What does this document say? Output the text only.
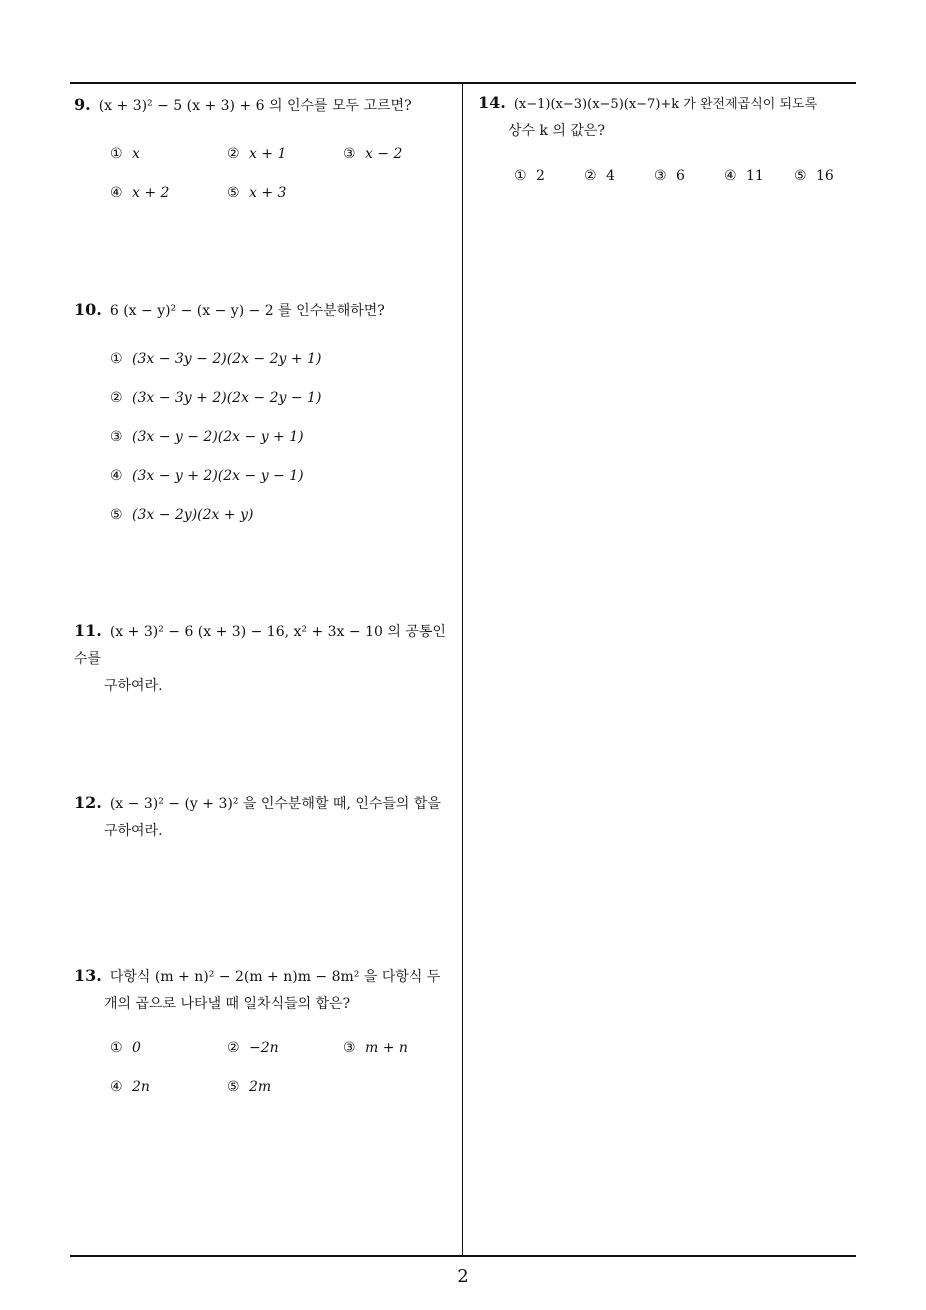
9. (x + 3)² − 5 (x + 3) + 6 의 인수를 모두 고르면?
① x	② x + 1	③ x − 2
④ x + 2	⑤ x + 3
10. 6 (x − y)² − (x − y) − 2 를 인수분해하면?
① (3x − 3y − 2)(2x − 2y + 1)
② (3x − 3y + 2)(2x − 2y − 1)
③ (3x − y − 2)(2x − y + 1)
④ (3x − y + 2)(2x − y − 1)
⑤ (3x − 2y)(2x + y)
11. (x + 3)² − 6 (x + 3) − 16, x² + 3x − 10 의 공통인수를
구하여라.
12. (x − 3)² − (y + 3)² 을 인수분해할 때, 인수들의 합을
구하여라.
13. 다항식 (m + n)² − 2(m + n)m − 8m² 을 다항식 두
개의 곱으로 나타낼 때 일차식들의 합은?
① 0	② −2n	③ m + n
④ 2n	⑤ 2m
14. (x−1)(x−3)(x−5)(x−7)+k 가 완전제곱식이 되도록
상수 k 의 값은?
① 2	② 4	③ 6	④ 11 ⑤ 16
2
